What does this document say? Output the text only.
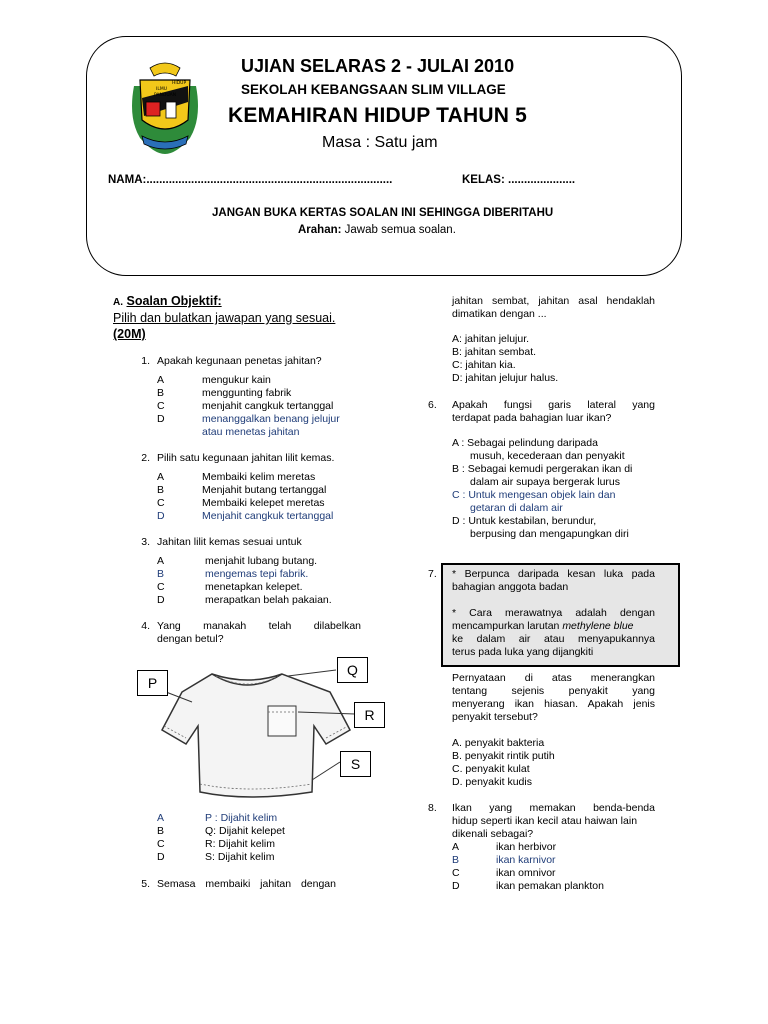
ILMU
PANDUAN
HIDUP
UJIAN SELARAS 2 - JULAI 2010
SEKOLAH KEBANGSAAN SLIM VILLAGE
KEMAHIRAN HIDUP TAHUN 5
Masa : Satu jam
NAMA:.............................................................................	KELAS: .....................
JANGAN BUKA KERTAS SOALAN INI SEHINGGA DIBERITAHU
Arahan: Jawab semua soalan.
A. Soalan Objektif:
Pilih dan bulatkan jawapan yang sesuai.
(20M)
1. Apakah kegunaan penetas jahitan?
A	mengukur kain
B	menggunting fabrik
C	menjahit cangkuk tertanggal
D	menanggalkan benang jelujur
atau menetas jahitan
2. Pilih satu kegunaan jahitan lilit kemas.
A	Membaiki kelim meretas
B	Menjahit butang tertanggal
C	Membaiki kelepet meretas
D	Menjahit cangkuk tertanggal
3. Jahitan lilit kemas sesuai untuk
A	menjahit lubang butang.
B	mengemas tepi fabrik.
C	menetapkan kelepet.
D	merapatkan belah pakaian.
4. Yang manakah telah dilabelkan
dengan betul?
P
Q
R
S
A	P : Dijahit kelim
B	Q: Dijahit kelepet
C	R: Dijahit kelim
D	S: Dijahit kelim
5. Semasa membaiki jahitan dengan
jahitan sembat, jahitan asal hendaklah
dimatikan dengan ...
A: jahitan jelujur.
B: jahitan sembat.
C: jahitan kia.
D: jahitan jelujur halus.
6. Apakah fungsi garis lateral yang
terdapat pada bahagian luar ikan?
A : Sebagai pelindung daripada
musuh, kecederaan dan penyakit
B : Sebagai kemudi pergerakan ikan di
dalam air supaya bergerak lurus
C : Untuk mengesan objek lain dan
getaran di dalam air
D : Untuk kestabilan, berundur,
berpusing dan mengapungkan diri
7. * Berpunca daripada kesan luka pada
bahagian anggota badan
* Cara merawatnya adalah dengan
mencampurkan larutan methylene blue
ke dalam air atau menyapukannya
terus pada luka yang dijangkiti
Pernyataan di atas menerangkan
tentang sejenis penyakit yang
menyerang ikan hiasan. Apakah jenis
penyakit tersebut?
A. penyakit bakteria
B. penyakit rintik putih
C. penyakit kulat
D. penyakit kudis
8. Ikan yang memakan benda-benda
hidup seperti ikan kecil atau haiwan lain
dikenali sebagai?
A	ikan herbivor
B	ikan karnivor
C	ikan omnivor
D	ikan pemakan plankton
